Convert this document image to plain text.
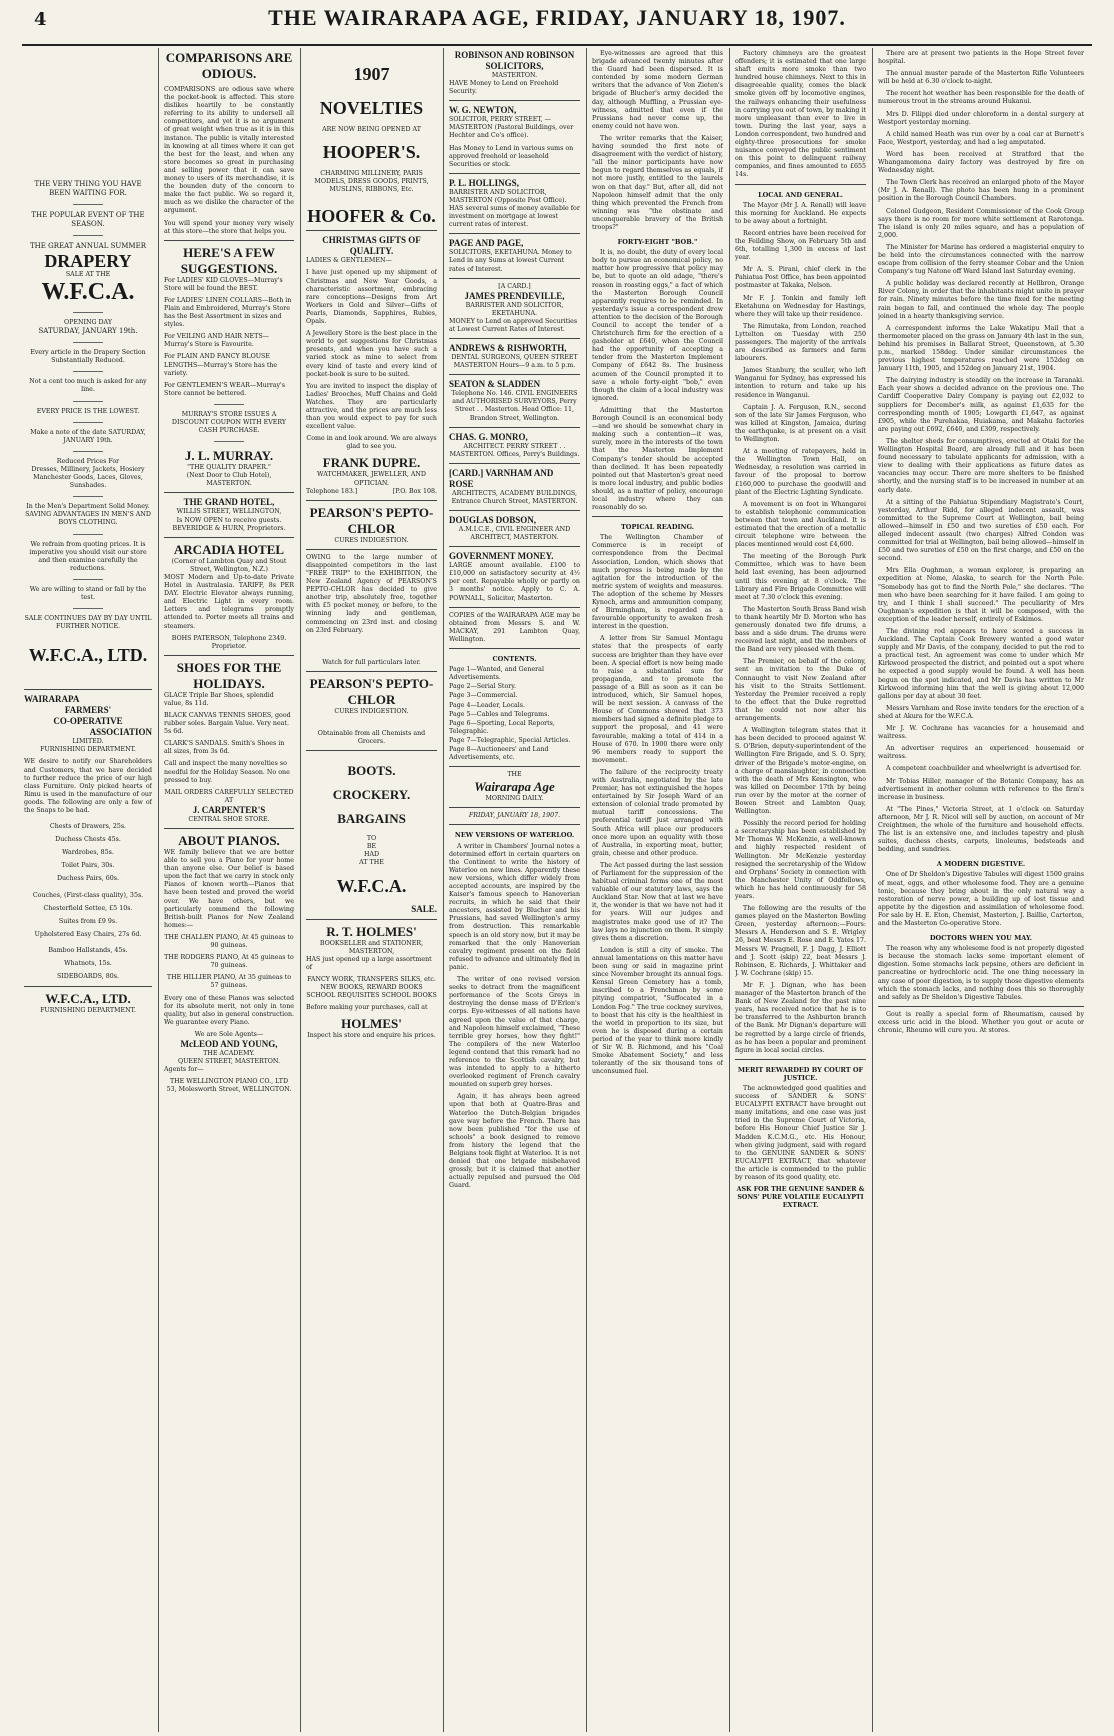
4	THE WAIRARAPA AGE, FRIDAY, JANUARY 18, 1907.
THE VERY THING YOU HAVE BEEN WAITING FOR.
THE POPULAR EVENT OF THE SEASON.
THE GREAT ANNUAL SUMMER
DRAPERY
SALE AT THE
W.F.C.A.
OPENING DAY
SATURDAY, JANUARY 19th.
Every article in the Drapery Section Substantially Reduced.
Not a cent too much is asked for any line.
EVERY PRICE IS THE LOWEST.
Make a note of the date SATURDAY, JANUARY 19th.
Reduced Prices For
Dresses, Millinery, Jackets, Hosiery Manchester Goods, Laces, Gloves, Sunshades.
In the Men's Department Solid Money.
SAVING ADVANTAGES IN MEN'S AND BOYS CLOTHING.
We refrain from quoting prices. It is imperative you should visit our store and then examine carefully the reductions.
We are willing to stand or fall by the test.
SALE CONTINUES DAY BY DAY UNTIL FURTHER NOTICE.
W.F.C.A., LTD.
WAIRARAPA
FARMERS'
CO-OPERATIVE
ASSOCIATION
LIMITED.
FURNISHING DEPARTMENT.
WE desire to notify our Shareholders and Customers, that we have decided to further reduce the price of our high class Furniture. Only picked hearts of Rimu is used in the manufacture of our goods. The following are only a few of the Snaps to be had.
Chests of Drawers, 25s.
Duchess Chests 45s.
Wardrobes, 85s.
Toilet Pairs, 30s.
Duchess Pairs, 60s.
Couches, (First-class quality), 35s.
Chesterfield Settee, £5 10s.
Suites from £9 9s.
Upholstered Easy Chairs, 27s 6d.
Bamboo Hallstands, 45s.
Whatnots, 15s.
SIDEBOARDS, 80s.
W.F.C.A., LTD.
FURNISHING DEPARTMENT.
COMPARISONS ARE ODIOUS.
COMPARISONS are odious save where the pocket-book is affected. This store dislikes heartily to be constantly referring to its ability to undersell all competitors, and yet it is no argument of great weight when true as it is in this instance. The public is vitally interested in knowing at all times where it can get the best for the least, and when any store becomes so great in purchasing and selling power that it can save money to users of its merchandise, it is the bounden duty of the concern to make the fact public. We so regard it, much as we dislike the character of the argument.
You will spend your money very wisely at this store—the store that helps you.
HERE'S A FEW SUGGESTIONS.
For LADIES' KID GLOVES—Murray's Store will be found the BEST.
For LADIES' LINEN COLLARS—Both in Plain and Embroidered, Murray's Store has the Best Assortment in sizes and styles.
For VEILING AND HAIR NETS—Murray's Store is Favourite.
For PLAIN AND FANCY BLOUSE LENGTHS—Murray's Store has the variety.
For GENTLEMEN'S WEAR—Murray's Store cannot be bettered.
MURRAY'S STORE ISSUES A DISCOUNT COUPON WITH EVERY CASH PURCHASE.
J. L. MURRAY.
"THE QUALITY DRAPER."
(Next Door to Club Hotel),
MASTERTON.
THE GRAND HOTEL,
WILLIS STREET, WELLINGTON,
Is NOW OPEN to receive guests.
BEVERIDGE & HURN, Proprietors.
ARCADIA HOTEL
(Corner of Lambton Quay and Stout Street, Wellington, N.Z.)
MOST Modern and Up-to-date Private Hotel in Australasia. TARIFF, 8s PER DAY. Electric Elevator always running, and Electric Light in every room. Letters and telegrams promptly attended to. Porter meets all trains and steamers.
BOHS PATERSON, Telephone 2349. Proprietor.
SHOES FOR THE HOLIDAYS.
GLACE Triple Bar Shoes, splendid value, 8s 11d.
BLACK CANVAS TENNIS SHOES, good rubber soles. Bargain Value. Very neat. 5s 6d.
CLARK'S SANDALS. Smith's Shoes in all sizes, from 3s 6d.
Call and inspect the many novelties so needful for the Holiday Season. No one pressed to buy.
MAIL ORDERS CAREFULLY SELECTED AT
J. CARPENTER'S
CENTRAL SHOE STORE.
ABOUT PIANOS.
WE family believe that we are better able to sell you a Piano for your home than anyone else. Our belief is based upon the fact that we carry in stock only Pianos of known worth—Pianos that have been tested and proved the world over. We have others, but we particularly commend the following British-built Pianos for New Zealand homes:—
THE CHALLEN PIANO, At 45 guineas to 90 guineas.
THE RODGERS PIANO, At 45 guineas to 70 guineas.
THE HILLIER PIANO, At 35 guineas to 57 guineas.
Every one of these Pianos was selected for its absolute merit, not only in tone quality, but also in general construction. We guarantee every Piano.
We are Sole Agents—
McLEOD AND YOUNG,
THE ACADEMY.
QUEEN STREET, MASTERTON.
Agents for—
THE WELLINGTON PIANO CO., LTD 53, Molesworth Street, WELLINGTON.
1907
NOVELTIES
ARE NOW BEING OPENED AT
HOOPER'S.
CHARMING MILLINERY, PARIS MODELS, DRESS GOODS, PRINTS, MUSLINS, RIBBONS, Etc.
HOOFER & Co.
CHRISTMAS GIFTS OF QUALITY.
LADIES & GENTLEMEN—
I have just opened up my shipment of Christmas and New Year Goods, a characteristic assortment, embracing rare conceptions—Designs from Art Workers in Gold and Silver—Gifts of Pearls, Diamonds, Sapphires, Rubies, Opals.
A Jewellery Store is the best place in the world to get suggestions for Christmas presents, and when you have such a varied stock as mine to select from every kind of taste and every kind of pocket-book is sure to be suited.
You are invited to inspect the display of Ladies' Brooches, Muff Chains and Gold Watches. They are particularly attractive, and the prices are much less than you would expect to pay for such excellent value.
Come in and look around. We are always glad to see you.
FRANK DUPRE.
WATCHMAKER, JEWELLER, AND OPTICIAN.
Telephone 183.]	[P.O. Box 108.
PEARSON'S PEPTO-CHLOR
CURES INDIGESTION.
OWING to the large number of disappointed competitors in the last "FREE TRIP" to the EXHIBITION, the New Zealand Agency of PEARSON'S PEPTO-CHLOR has decided to give another trip, absolutely free, together with £5 pocket money, or before, to the winning lady and gentleman, commencing on 23rd inst. and closing on 23rd February.
Watch for full particulars later.
PEARSON'S PEPTO-CHLOR
CURES INDIGESTION.
Obtainable from all Chemists and Grocers.
BOOTS.
CROCKERY.
BARGAINS
TO
BE
HAD
AT THE
W.F.C.A.
SALE.
R. T. HOLMES'
BOOKSELLER and STATIONER,
MASTERTON,
HAS just opened up a large assortment of
FANCY WORK, TRANSFERS SILKS, etc. NEW BOOKS, REWARD BOOKS SCHOOL REQUISITES SCHOOL BOOKS
Before making your purchases, call at
HOLMES'
Inspect his store and enquire his prices.
ROBINSON AND ROBINSON SOLICITORS,
MASTERTON.
HAVE Money to Lend on Freehold Security.
W. G. NEWTON,
SOLICITOR, PERRY STREET, — MASTERTON (Pastoral Buildings, over Hechter and Co's office).
Has Money to Lend in various sums on approved freehold or leasehold Securities or stock.
P. L. HOLLINGS,
BARRISTER AND SOLICITOR, MASTERTON (Opposite Post Office). HAS several sums of money available for investment on mortgage at lowest current rates of interest.
PAGE AND PAGE,
SOLICITORS, EKETAHUNA. Money to Lend in any Sums at lowest Current rates of Interest.
[A CARD.]
JAMES PRENDEVILLE,
BARRISTER AND SOLICITOR, EKETAHUNA.
MONEY to Lend on approved Securities at Lowest Current Rates of Interest.
ANDREWS & RISHWORTH,
DENTAL SURGEONS, QUEEN STREET MASTERTON Hours—9 a.m. to 5 p.m.
SEATON & SLADDEN
Telephone No. 146. CIVIL ENGINEERS and AUTHORISED SURVEYORS, Perry Street . . Masterton. Head Office: 11, Brandon Street, Wellington.
CHAS. G. MONRO,
ARCHITECT. PERRY STREET . . MASTERTON. Offices, Perry's Buildings.
[CARD.] VARNHAM AND ROSE
ARCHITECTS, ACADEMY BUILDINGS, Entrance Church Street, MASTERTON.
DOUGLAS DOBSON,
A.M.I.C.E., CIVIL ENGINEER AND ARCHITECT, MASTERTON.
GOVERNMENT MONEY.
LARGE amount available. £100 to £10,000 on satisfactory security at 4½ per cent. Repayable wholly or partly on 3 months' notice. Apply to C. A. POWNALL, Solicitor, Masterton.
COPIES of the WAIRARAPA AGE may be obtained from Messrs S. and W. MACKAY, 291 Lambton Quay, Wellington.
CONTENTS.
Page 1—Wanted, and General Advertisements.
Page 2—Serial Story.
Page 3—Commercial.
Page 4—Leader, Locals.
Page 5—Cables and Telegrams.
Page 6—Sporting, Local Reports, Telegraphic.
Page 7—Telegraphic, Special Articles.
Page 8—Auctioneers' and Land Advertisements, etc.
THE
Wairarapa Age
MORNING DAILY.
FRIDAY, JANUARY 18, 1907.
NEW VERSIONS OF WATERLOO.
A writer in Chambers' Journal notes a determined effort in certain quarters on the Continent to write the history of Waterloo on new lines. Apparently these new versions, which differ widely from accepted accounts, are inspired by the Kaiser's famous speech to Hanoverian recruits, in which he said that their ancestors, assisted by Blucher and his Prussians, had saved Wellington's army from destruction. This remarkable speech is an old story now, but it may be remarked that the only Hanoverian cavalry regiment present on the field refused to advance and ultimately fled in panic.
The writer of one revised version seeks to detract from the magnificent performance of the Scots Greys in destroying the dense mass of D'Erlon's corps. Eye-witnesses of all nations have agreed upon the value of that charge, and Napoleon himself exclaimed, "These terrible grey horses, how they fight!" The compilers of the new Waterloo legend contend that this remark had no reference to the Scottish cavalry, but was intended to apply to a hitherto overlooked regiment of French cavalry mounted on superb grey horses.
Again, it has always been agreed upon that both at Quatre-Bras and Waterloo the Dutch-Belgian brigades gave way before the French. There has now been published "for the use of schools" a book designed to remove from history the legend that the Belgians took flight at Waterloo. It is not denied that one brigade misbehaved grossly, but it is claimed that another actually repulsed and pursued the Old Guard.
Eye-witnesses are agreed that this brigade advanced twenty minutes after the Guard had been dispersed. It is contended by some modern German writers that the advance of Von Zieten's brigade of Blucher's army decided the day, although Muffling, a Prussian eye-witness, admitted that even if the Prussians had never come up, the enemy could not have won.
The writer remarks that the Kaiser, having sounded the first note of disagreement with the verdict of history, "all the minor participants have now begun to regard themselves as equals, if not more justly, entitled to the laurels won on that day." But, after all, did not Napoleon himself admit that the only thing which prevented the French from winning was "the obstinate and unconquerable bravery of the British troops?"
FORTY-EIGHT "BOB."
It is, no doubt, the duty of every local body to pursue an economical policy, no matter how progressive that policy may be, but to quote an old adage, "there's reason in roasting eggs," a fact of which the Masterton Borough Council apparently requires to be reminded. In yesterday's issue a correspondent drew attention to the decision of the Borough Council to accept the tender of a Christchurch firm for the erection of a gasholder at £640, when the Council had the opportunity of accepting a tender from the Masterton Implement Company of £642 8s. The business acumen of the Council prompted it to save a whole forty-eight "bob," even though the claim of a local industry was ignored.
Admitting that the Masterton Borough Council is an economical body—and we should be somewhat chary in making such a contention—it was, surely, more in the interests of the town that the Masterton Implement Company's tender should be accepted than declined. It has been repeatedly pointed out that Masterton's great need is more local industry, and public bodies should, as a matter of policy, encourage local industry where they can reasonably do so.
TOPICAL READING.
The Wellington Chamber of Commerce is in receipt of correspondence from the Decimal Association, London, which shows that much progress is being made by the agitation for the introduction of the metric system of weights and measures. The adoption of the scheme by Messrs Kynoch, arms and ammunition company, of Birmingham, is regarded as a favourable opportunity to awaken fresh interest in the question.
A letter from Sir Samuel Montagu states that the prospects of early success are brighter than they have ever been. A special effort is now being made to raise a substantial sum for propaganda, and to promote the passage of a Bill as soon as it can be introduced, which, Sir Samuel hopes, will be next session. A canvass of the House of Commons showed that 373 members had signed a definite pledge to support the proposal, and 41 were favourable, making a total of 414 in a House of 670. In 1900 there were only 96 members ready to support the movement.
The failure of the reciprocity treaty with Australia, negotiated by the late Premier, has not extinguished the hopes entertained by Sir Joseph Ward of an extension of colonial trade promoted by mutual tariff concessions. The preferential tariff just arranged with South Africa will place our producers once more upon an equality with those of Australia, in exporting meat, butter, grain, cheese and other produce.
The Act passed during the last session of Parliament for the suppression of the habitual criminal forms one of the most valuable of our statutory laws, says the Auckland Star. Now that at last we have it, the wonder is that we have not had it for years. Will our judges and magistrates make good use of it? The law lays no injunction on them. It simply gives them a discretion.
London is still a city of smoke. The annual lamentations on this matter have been sung or said in magazine print since November brought its annual fogs. Kensal Green Cemetery has a tomb, inscribed to a Frenchman by some pitying compatriot, "Suffocated in a London Fog." The true cockney survives, to boast that his city is the healthiest in the world in proportion to its size, but even he is disposed during a certain period of the year to think more kindly of Sir W. B. Richmond, and his "Coal Smoke Abatement Society," and less tolerantly of the six thousand tons of unconsumed fuel.
Factory chimneys are the greatest offenders; it is estimated that one large shaft emits more smoke than two hundred house chimneys. Next to this in disagreeable quality, comes the black smoke given off by locomotive engines, the railways enhancing their usefulness in carrying you out of town, by making it more unpleasant than ever to live in town. During the last year, says a London correspondent, two hundred and eighty-three prosecutions for smoke nuisance conveyed the public sentiment on this point to delinquent railway companies, and fines amounted to £655 14s.
LOCAL AND GENERAL.
The Mayor (Mr J. A. Renall) will leave this morning for Auckland. He expects to be away about a fortnight.
Record entries have been received for the Feilding Show, on February 5th and 6th, totalling 1,300 in excess of last year.
Mr A. S. Pirani, chief clerk in the Pahiatua Post Office, has been appointed postmaster at Takaka, Nelson.
Mr F. J. Tonkin and family left Eketahuna on Wednesday for Hastings, where they will take up their residence.
The Rimutaka, from London, reached Lyttelton on Tuesday with 250 passengers. The majority of the arrivals are described as farmers and farm labourers.
James Stanbury, the sculler, who left Wanganui for Sydney, has expressed his intention to return and take up his residence in Wanganui.
Captain J. A. Ferguson, R.N., second son of the late Sir James Ferguson, who was killed at Kingston, Jamaica, during the earthquake, is at present on a visit to Wellington.
At a meeting of ratepayers, held in the Wellington Town Hall, on Wednesday, a resolution was carried in favour of the proposal to borrow £160,000 to purchase the goodwill and plant of the Electric Lighting Syndicate.
A movement is on foot in Whangarei to establish telephonic communication between that town and Auckland. It is estimated that the erection of a metallic circuit telephone wire between the places mentioned would cost £4,600.
The meeting of the Borough Park Committee, which was to have been held last evening, has been adjourned until this evening at 8 o'clock. The Library and Fire Brigade Committee will meet at 7.30 o'clock this evening.
The Masterton South Brass Band wish to thank heartily Mr D. Morton who has generously donated two fife drums, a bass and a side drum. The drums were received last night, and the members of the Band are very pleased with them.
The Premier, on behalf of the colony, sent an invitation to the Duke of Connaught to visit New Zealand after his visit to the Straits Settlement. Yesterday the Premier received a reply to the effect that the Duke regretted that he could not now alter his arrangements.
A Wellington telegram states that it has been decided to proceed against W. S. O'Brien, deputy-superintendent of the Wellington Fire Brigade, and S. O. Spry, driver of the Brigade's motor-engine, on a charge of manslaughter, in connection with the death of Mrs Kensington, who was killed on December 17th by being run over by the motor at the corner of Bowen Street and Lambton Quay, Wellington.
Possibly the record period for holding a secretaryship has been established by Mr Thomas W. McKenzie, a well-known and highly respected resident of Wellington. Mr McKenzie yesterday resigned the secretaryship of the Widow and Orphans' Society in connection with the Manchester Unity of Oddfellows, which he has held continuously for 58 years.
The following are the results of the games played on the Masterton Bowling Green, yesterday afternoon:—Fours: Messrs A. Henderson and S. E. Wrigley 26, beat Messrs E. Rose and E. Yates 17. Messrs W. Pragnell, F. J. Dagg, J. Elliott and J. Scott (skip) 22, beat Messrs J. Robinson, E. Richards, J. Whittaker and J. W. Cochrane (skip) 15.
Mr F. J. Dignan, who has been manager of the Masterton branch of the Bank of New Zealand for the past nine years, has received notice that he is to be transferred to the Ashburton branch of the Bank. Mr Dignan's departure will be regretted by a large circle of friends, as he has been a popular and prominent figure in local social circles.
MERIT REWARDED BY COURT OF JUSTICE.
The acknowledged good qualities and success of SANDER & SONS' EUCALYPTI EXTRACT have brought out many imitations, and one case was just tried in the Supreme Court of Victoria, before His Honour Chief Justice Sir J. Madden K.C.M.G., etc. His Honour, when giving judgment, said with regard to the GENUINE SANDER & SONS' EUCALYPTI EXTRACT, that whatever the article is commended to the public by reason of its good quality, etc.
ASK FOR THE GENUINE SANDER & SONS' PURE VOLATILE EUCALYPTI EXTRACT.
There are at present two patients in the Hope Street fever hospital.
The annual muster parade of the Masterton Rifle Volunteers will be held at 6.30 o'clock to-night.
The recent hot weather has been responsible for the death of numerous trout in the streams around Hukanui.
Mrs D. Filippi died under chloroform in a dental surgery at Westport yesterday morning.
A child named Heath was run over by a coal car at Burnett's Face, Westport, yesterday, and had a leg amputated.
Word has been received at Stratford that the Whangamomona dairy factory was destroyed by fire on Wednesday night.
The Town Clerk has received an enlarged photo of the Mayor (Mr J. A. Renall). The photo has been hung in a prominent position in the Borough Council Chambers.
Colonel Gudgeon, Resident Commissioner of the Cook Group says there is no room for more white settlement at Rarotonga. The island is only 20 miles square, and has a population of 2,000.
The Minister for Marine has ordered a magisterial enquiry to be held into the circumstances connected with the narrow escape from collision of the ferry steamer Cobar and the Union Company's tug Natone off Ward Island last Saturday evening.
A public holiday was declared recently at Hellbron, Orange River Colony, in order that the inhabitants might unite in prayer for rain. Ninety minutes before the time fixed for the meeting rain began to fall, and continued the whole day. The people joined in a hearty thanksgiving service.
A correspondent informs the Lake Wakatipu Mail that a thermometer placed on the grass on January 4th last in the sun, behind his premises in Ballarat Street, Queenstown, at 5.30 p.m., marked 158deg. Under similar circumstances the previous highest temperatures reached were 152deg on January 11th, 1905, and 152deg on January 21st, 1904.
The dairying industry is steadily on the increase in Taranaki. Each year shows a decided advance on the previous one. The Cardiff Cooperative Dairy Company is paying out £2,032 to suppliers for December's milk, as against £1,635 for the corresponding month of 1905; Lowgarth £1,647, as against £905, while the Purehakaa, Huiakama, and Makahu factories are paying out £692, £640, and £309, respectively.
The shelter sheds for consumptives, erected at Otaki for the Wellington Hospital Board, are already full and it has been found necessary to tabulate applicants for admission, with a view to dealing with their applications as future dates as vacancies may occur. There are more shelters to be finished shortly, and the nursing staff is to be increased in number at an early date.
At a sitting of the Pahiatua Stipendiary Magistrate's Court, yesterday, Arthur Ridd, for alleged indecent assault, was committed to the Supreme Court at Wellington, bail being allowed—himself in £50 and two sureties of £50 each. For alleged indecent assault (two charges) Alfred Condon was committed for trial at Wellington, bail being allowed—himself in £50 and two sureties of £50 on the first charge, and £50 on the second.
Mrs Ella Oughman, a woman explorer, is preparing an expedition at Nome, Alaska, to search for the North Pole. "Somebody has got to find the North Pole," she declares. "The men who have been searching for it have failed. I am going to try, and I think I shall succeed." The peculiarity of Mrs Oughman's expedition is that it will be composed, with the exception of the leader herself, entirely of Eskimos.
The divining rod appears to have scored a success in Auckland. The Captain Cook Brewery wanted a good water supply and Mr Davis, of the company, decided to put the rod to a practical test. An agreement was come to under which Mr Kirkwood prospected the district, and pointed out a spot where he expected a good supply would be found. A well has been begun on the spot indicated, and Mr Davis has written to Mr Kirkwood informing him that the well is giving about 12,000 gallons per day at about 30 feet.
Messrs Varnham and Rose invite tenders for the erection of a shed at Akura for the W.F.C.A.
Mr J. W. Cochrane has vacancies for a housemaid and waitress.
An advertiser requires an experienced housemaid or waitress.
A competent coachbuilder and wheelwright is advertised for.
Mr Tobias Hiller, manager of the Botanic Company, has an advertisement in another column with reference to the firm's increase in business.
At "The Pines," Victoria Street, at 1 o'clock on Saturday afternoon, Mr J. R. Nicol will sell by auction, on account of Mr Creightmen, the whole of the furniture and household effects. The list is an extensive one, and includes tapestry and plush suites, duchess chests, carpets, linoleums, bedsteads and bedding, and sundries.
A MODERN DIGESTIVE.
One of Dr Sheldon's Digestive Tabules will digest 1500 grains of meat, eggs, and other wholesome food. They are a genuine tonic, because they bring about in the only natural way a restoration of nerve power, a building up of lost tissue and appetite by the digestion and assimilation of wholesome food. For sale by H. E. Eton, Chemist, Masterton, J. Baillie, Carterton, and the Masterton Co-operative Store.
DOCTORS WHEN YOU MAY.
The reason why any wholesome food is not properly digested is because the stomach lacks some important element of digestion. Some stomachs lack pepsine, others are deficient in pancreatine or hydrochloric acid. The one thing necessary in any case of poor digestion, is to supply those digestive elements which the stomach lacks, and nothing does this so thoroughly and safely as Dr Sheldon's Digestive Tabules.
Gout is really a special form of Rheumatism, caused by excess uric acid in the blood. Whether you gout or acute or chronic, Rheumo will cure you. At stores.
